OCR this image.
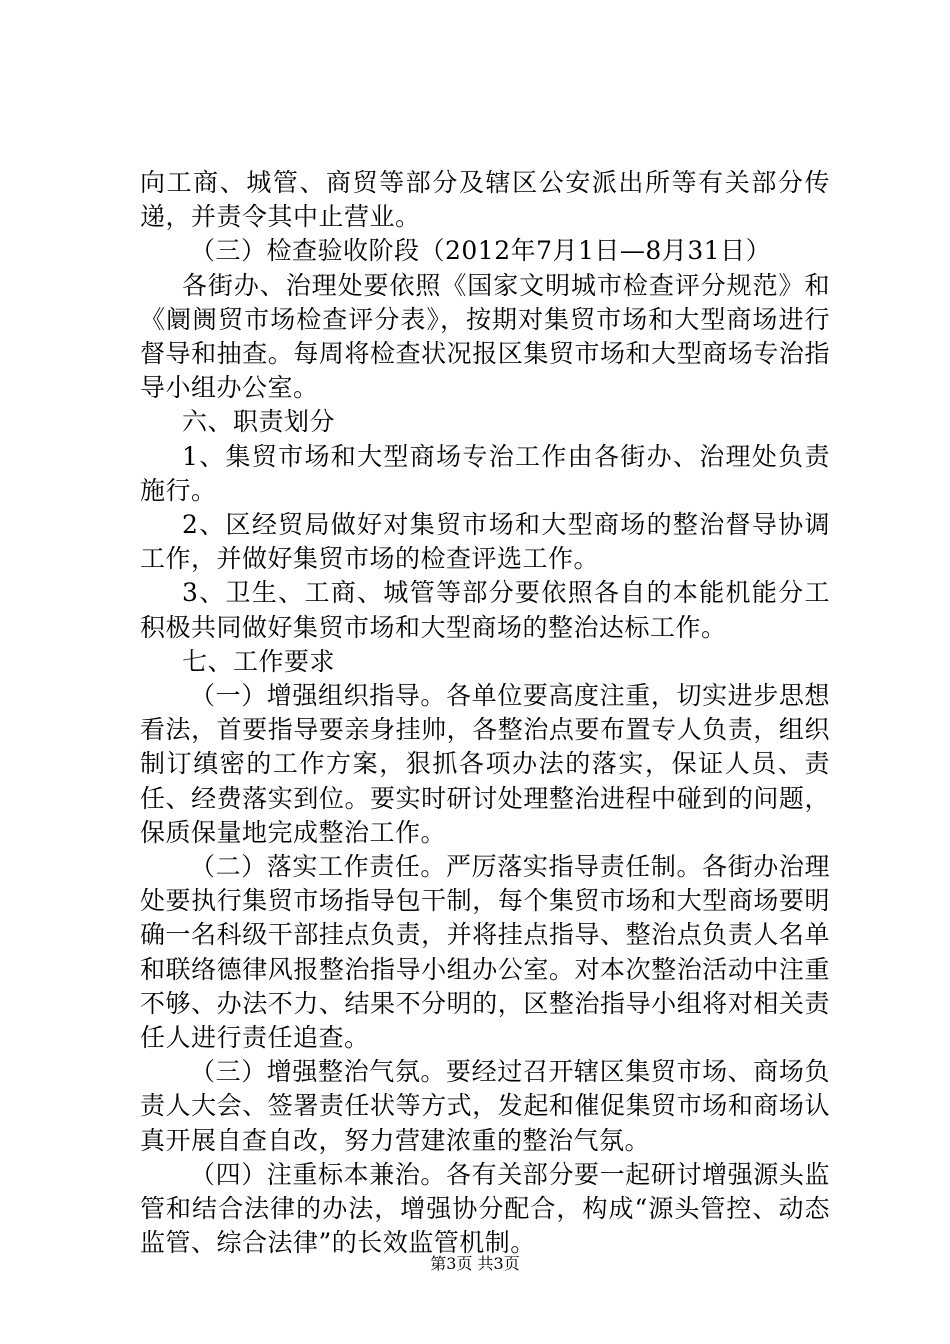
向工商、城管、商贸等部分及辖区公安派出所等有关部分传递，并责令其中止营业。

（三）检查验收阶段（2012年7月1日—8月31日）

各街办、治理处要依照《国家文明城市检查评分规范》和《阛阓贸市场检查评分表》，按期对集贸市场和大型商场进行督导和抽查。每周将检查状况报区集贸市场和大型商场专治指导小组办公室。

六、职责划分

1、集贸市场和大型商场专治工作由各街办、治理处负责施行。

2、区经贸局做好对集贸市场和大型商场的整治督导协调工作，并做好集贸市场的检查评选工作。

3、卫生、工商、城管等部分要依照各自的本能机能分工积极共同做好集贸市场和大型商场的整治达标工作。

七、工作要求

（一）增强组织指导。各单位要高度注重，切实进步思想看法，首要指导要亲身挂帅，各整治点要布置专人负责，组织制订缜密的工作方案，狠抓各项办法的落实，保证人员、责任、经费落实到位。要实时研讨处理整治进程中碰到的问题，保质保量地完成整治工作。

（二）落实工作责任。严厉落实指导责任制。各街办治理处要执行集贸市场指导包干制，每个集贸市场和大型商场要明确一名科级干部挂点负责，并将挂点指导、整治点负责人名单和联络德律风报整治指导小组办公室。对本次整治活动中注重不够、办法不力、结果不分明的，区整治指导小组将对相关责任人进行责任追查。

（三）增强整治气氛。要经过召开辖区集贸市场、商场负责人大会、签署责任状等方式，发起和催促集贸市场和商场认真开展自查自改，努力营建浓重的整治气氛。

（四）注重标本兼治。各有关部分要一起研讨增强源头监管和结合法律的办法，增强协分配合，构成“源头管控、动态监管、综合法律”的长效监管机制。

第3页 共3页
